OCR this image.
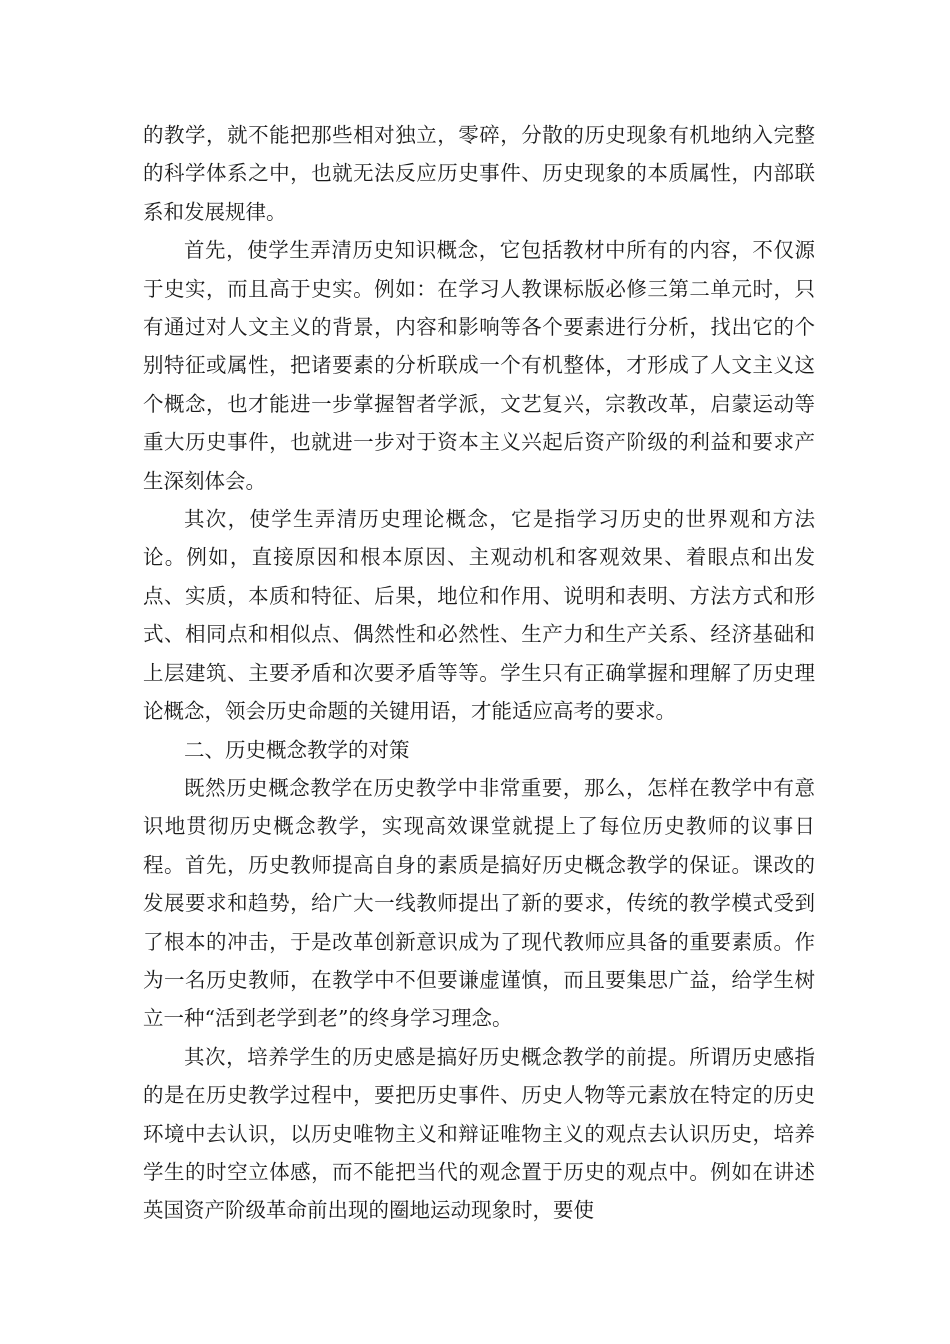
的教学，就不能把那些相对独立，零碎，分散的历史现象有机地纳入完整的科学体系之中，也就无法反应历史事件、历史现象的本质属性，内部联系和发展规律。

首先，使学生弄清历史知识概念，它包括教材中所有的内容，不仅源于史实，而且高于史实。例如：在学习人教课标版必修三第二单元时，只有通过对人文主义的背景，内容和影响等各个要素进行分析，找出它的个别特征或属性，把诸要素的分析联成一个有机整体，才形成了人文主义这个概念，也才能进一步掌握智者学派，文艺复兴，宗教改革，启蒙运动等重大历史事件，也就进一步对于资本主义兴起后资产阶级的利益和要求产生深刻体会。

其次，使学生弄清历史理论概念，它是指学习历史的世界观和方法论。例如，直接原因和根本原因、主观动机和客观效果、着眼点和出发点、实质，本质和特征、后果，地位和作用、说明和表明、方法方式和形式、相同点和相似点、偶然性和必然性、生产力和生产关系、经济基础和上层建筑、主要矛盾和次要矛盾等等。学生只有正确掌握和理解了历史理论概念，领会历史命题的关键用语，才能适应高考的要求。

二、历史概念教学的对策

既然历史概念教学在历史教学中非常重要，那么，怎样在教学中有意识地贯彻历史概念教学，实现高效课堂就提上了每位历史教师的议事日程。首先，历史教师提高自身的素质是搞好历史概念教学的保证。课改的发展要求和趋势，给广大一线教师提出了新的要求，传统的教学模式受到了根本的冲击，于是改革创新意识成为了现代教师应具备的重要素质。作为一名历史教师，在教学中不但要谦虚谨慎，而且要集思广益，给学生树立一种“活到老学到老”的终身学习理念。

其次，培养学生的历史感是搞好历史概念教学的前提。所谓历史感指的是在历史教学过程中，要把历史事件、历史人物等元素放在特定的历史环境中去认识，以历史唯物主义和辩证唯物主义的观点去认识历史，培养学生的时空立体感，而不能把当代的观念置于历史的观点中。例如在讲述英国资产阶级革命前出现的圈地运动现象时，要使
